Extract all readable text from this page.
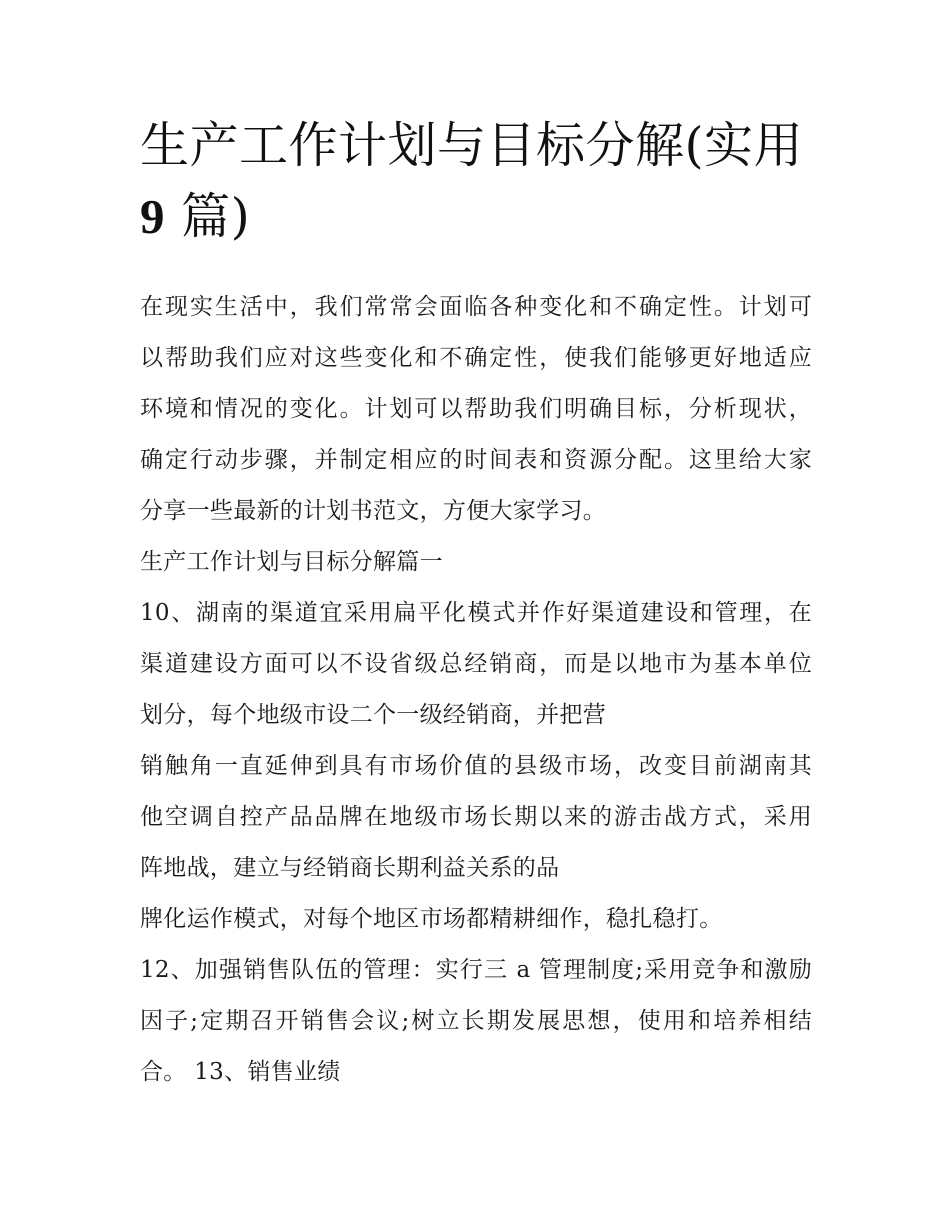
生产工作计划与目标分解(实用
9 篇)
在现实生活中，我们常常会面临各种变化和不确定性。计划可
以帮助我们应对这些变化和不确定性，使我们能够更好地适应
环境和情况的变化。计划可以帮助我们明确目标，分析现状，
确定行动步骤，并制定相应的时间表和资源分配。这里给大家
分享一些最新的计划书范文，方便大家学习。
生产工作计划与目标分解篇一
10、湖南的渠道宜采用扁平化模式并作好渠道建设和管理，在
渠道建设方面可以不设省级总经销商，而是以地市为基本单位
划分，每个地级市设二个一级经销商，并把营
销触角一直延伸到具有市场价值的县级市场，改变目前湖南其
他空调自控产品品牌在地级市场长期以来的游击战方式，采用
阵地战，建立与经销商长期利益关系的品
牌化运作模式，对每个地区市场都精耕细作，稳扎稳打。
12、加强销售队伍的管理：实行三 a 管理制度;采用竞争和激励
因子;定期召开销售会议;树立长期发展思想，使用和培养相结
合。 13、销售业绩
